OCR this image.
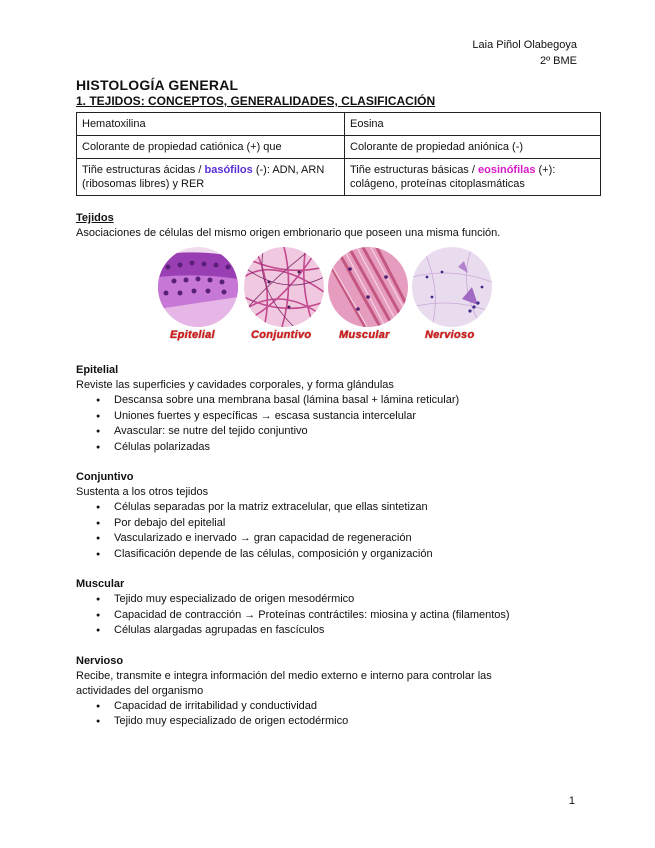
Laia Piñol Olabegoya
2º BME
HISTOLOGÍA GENERAL
1. TEJIDOS: CONCEPTOS, GENERALIDADES, CLASIFICACIÓN
Hematoxilina	Eosina
Colorante de propiedad catiónica (+) que	Colorante de propiedad aniónica (-)
Tiñe estructuras ácidas / basófilos (-): ADN, ARN (ribosomas libres) y RER	Tiñe estructuras básicas / eosinófilas (+): colágeno, proteínas citoplasmáticas
Tejidos

Asociaciones de células del mismo origen embrionario que poseen una misma función.

Epitelial	Conjuntivo	Muscular	Nervioso
Epitelial

Reviste las superficies y cavidades corporales, y forma glándulas

● Descansa sobre una membrana basal (lámina basal + lámina reticular)
● Uniones fuertes y específicas → escasa sustancia intercelular
● Avascular: se nutre del tejido conjuntivo
● Células polarizadas
Conjuntivo

Sustenta a los otros tejidos

● Células separadas por la matriz extracelular, que ellas sintetizan
● Por debajo del epitelial
● Vascularizado e inervado → gran capacidad de regeneración
● Clasificación depende de las células, composición y organización
Muscular
● Tejido muy especializado de origen mesodérmico
● Capacidad de contracción → Proteínas contráctiles: miosina y actina (filamentos)
● Células alargadas agrupadas en fascículos
Nervioso

Recibe, transmite e integra información del medio externo e interno para controlar las actividades del organismo

● Capacidad de irritabilidad y conductividad
● Tejido muy especializado de origen ectodérmico
1
